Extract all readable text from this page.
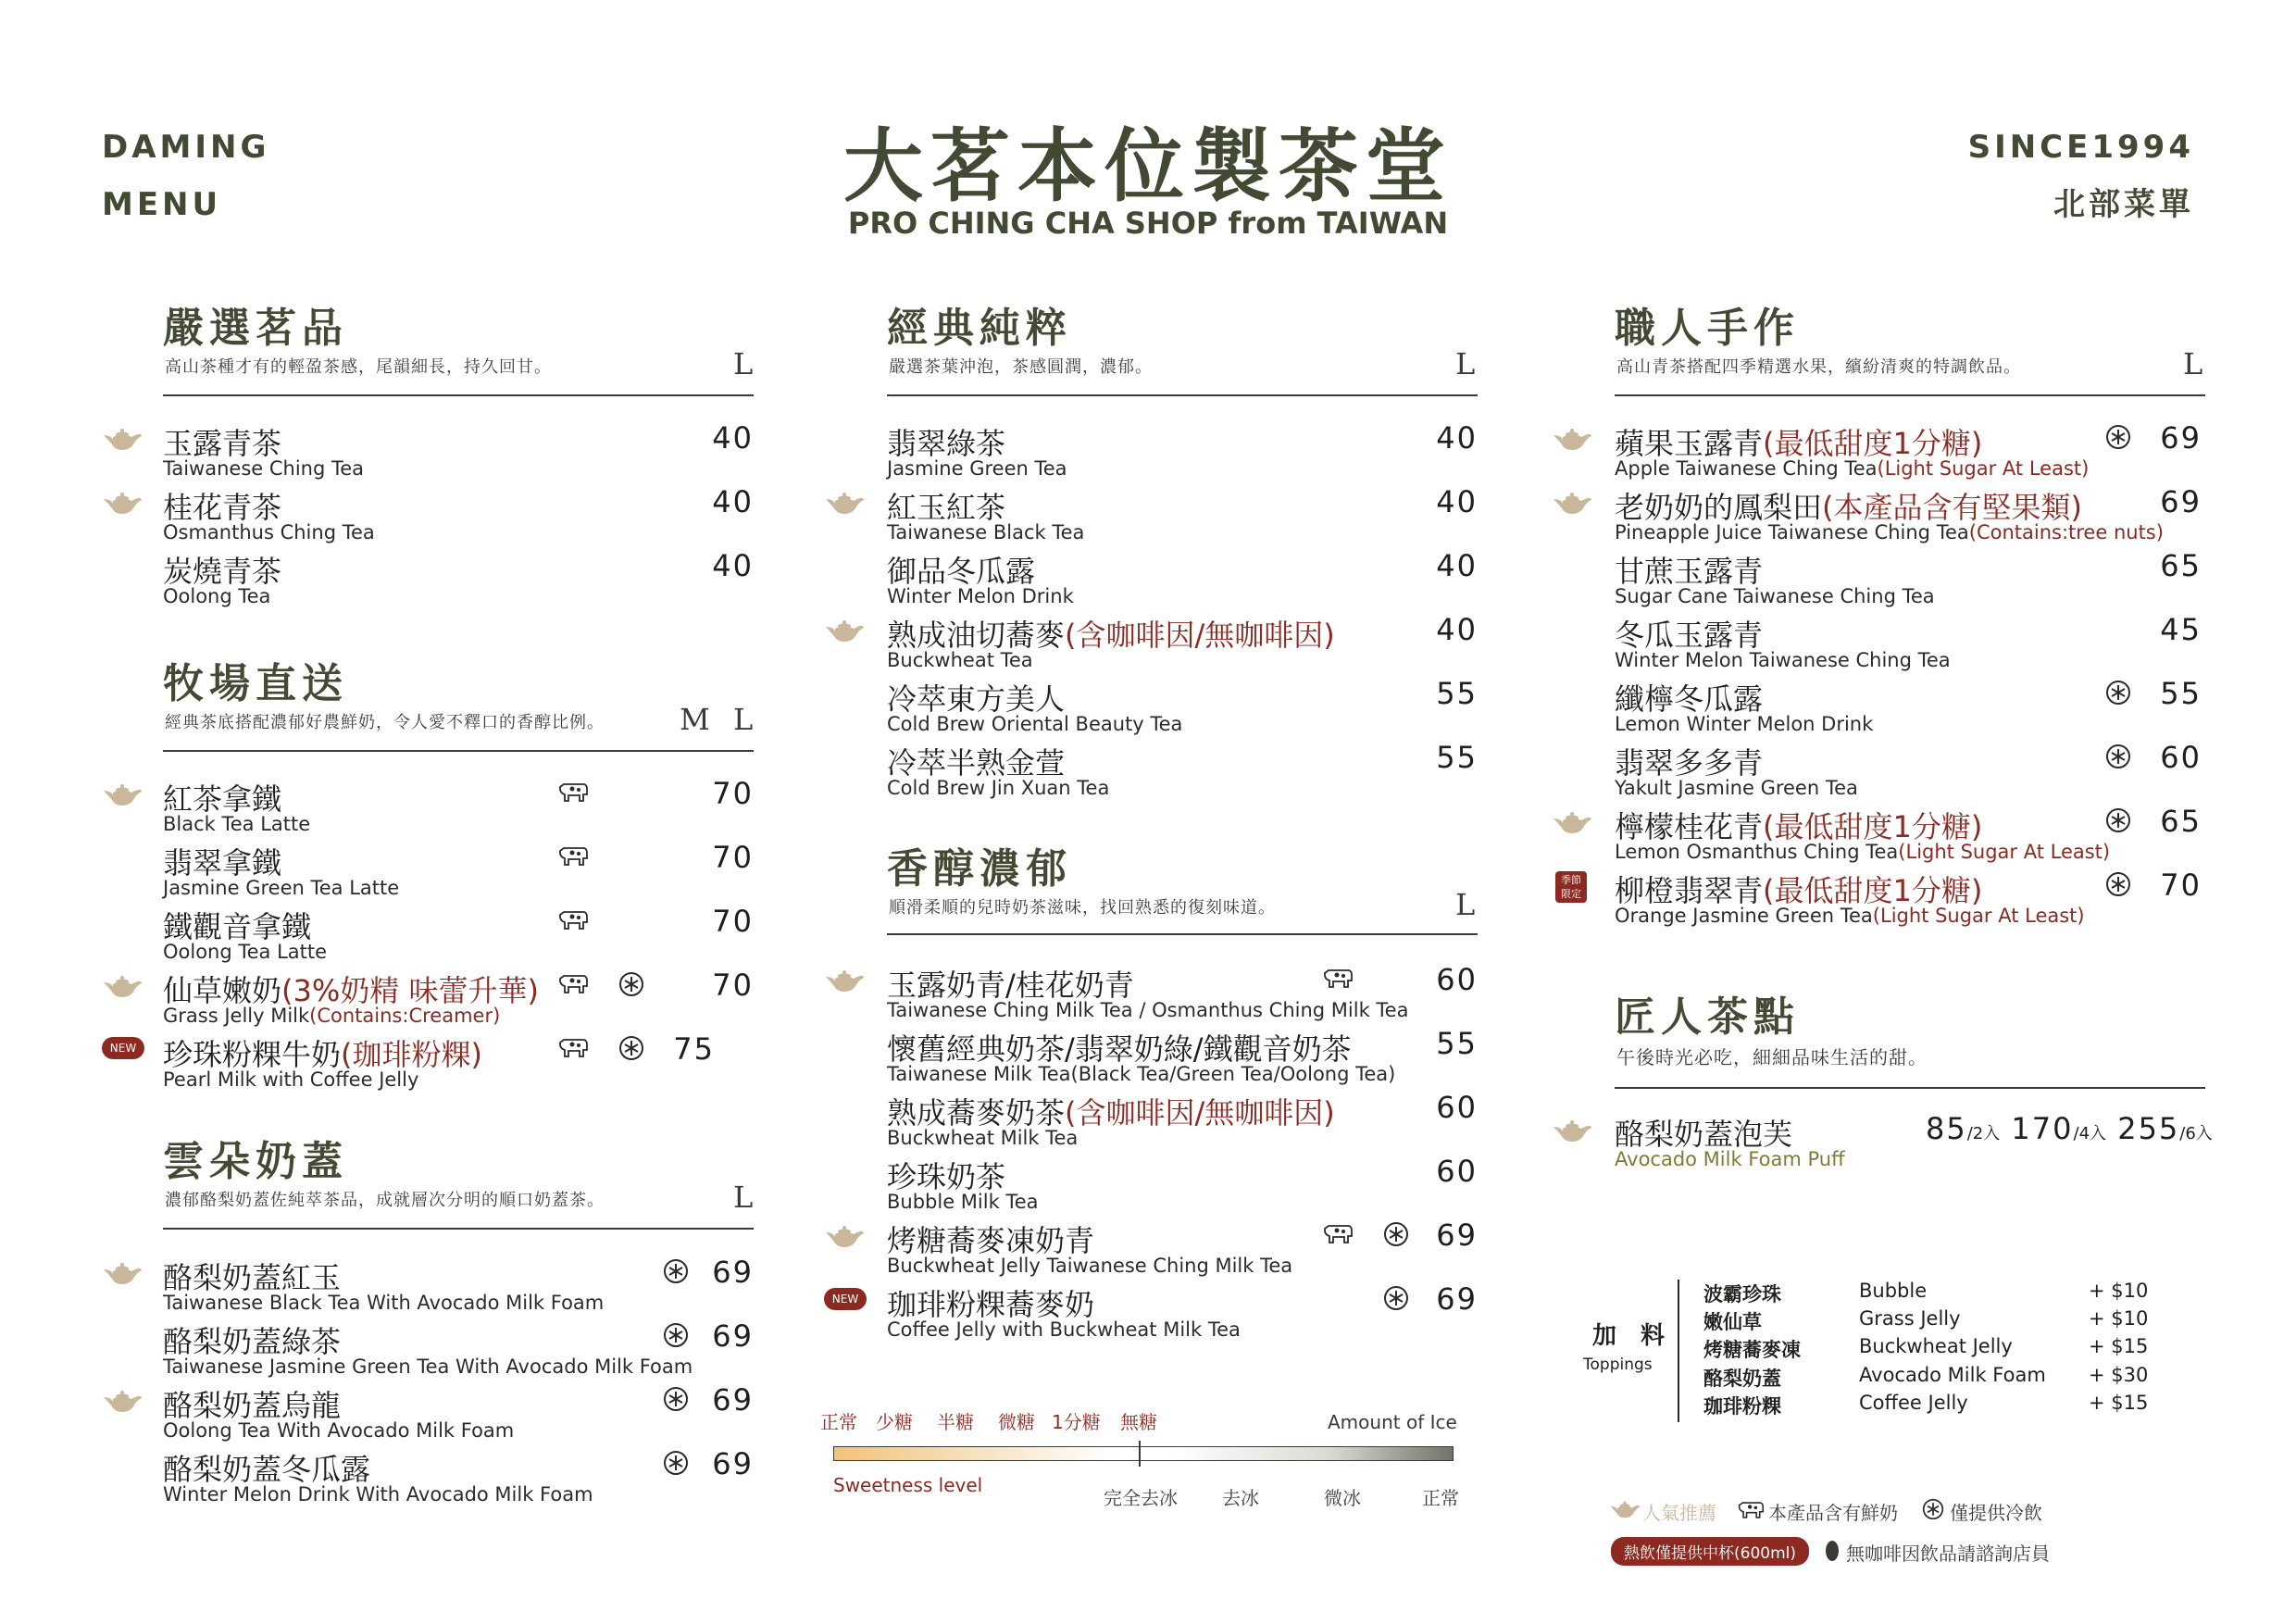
DAMING
MENU	大茗本位製茶堂
PRO CHING CHA SHOP from TAIWAN
SINCE1994
北部菜單
嚴選茗品
高山茶種才有的輕盈茶感，尾韻細長，持久回甘。	L
玉露青茶	40
Taiwanese Ching Tea
桂花青茶	40
Osmanthus Ching Tea
炭燒青茶	40
Oolong Tea
牧場直送
經典茶底搭配濃郁好農鮮奶，令人愛不釋口的香醇比例。	M L
紅茶拿鐵	70
Black Tea Latte
翡翠拿鐵	70
Jasmine Green Tea Latte
鐵觀音拿鐵	70
Oolong Tea Latte
仙草嫩奶(3%奶精 味蕾升華)	70
Grass Jelly Milk(Contains:Creamer)
NEW 珍珠粉粿牛奶(珈琲粉粿)	75
Pearl Milk with Coffee Jelly
雲朵奶蓋
濃郁酪梨奶蓋佐純萃茶品，成就層次分明的順口奶蓋茶。	L
酪梨奶蓋紅玉	69
Taiwanese Black Tea With Avocado Milk Foam
酪梨奶蓋綠茶	69
Taiwanese Jasmine Green Tea With Avocado Milk Foam
酪梨奶蓋烏龍	69
Oolong Tea With Avocado Milk Foam
酪梨奶蓋冬瓜露	69
Winter Melon Drink With Avocado Milk Foam
經典純粹
嚴選茶葉沖泡，茶感圓潤，濃郁。	L
翡翠綠茶	40
Jasmine Green Tea
紅玉紅茶	40
Taiwanese Black Tea
御品冬瓜露	40
Winter Melon Drink
熟成油切蕎麥(含咖啡因/無咖啡因)	40
Buckwheat Tea
冷萃東方美人	55
Cold Brew Oriental Beauty Tea
冷萃半熟金萱	55
Cold Brew Jin Xuan Tea
香醇濃郁
順滑柔順的兒時奶茶滋味，找回熟悉的復刻味道。	L
玉露奶青/桂花奶青	60
Taiwanese Ching Milk Tea / Osmanthus Ching Milk Tea
懷舊經典奶茶/翡翠奶綠/鐵觀音奶茶	55
Taiwanese Milk Tea(Black Tea/Green Tea/Oolong Tea)
熟成蕎麥奶茶(含咖啡因/無咖啡因)	60
Buckwheat Milk Tea
珍珠奶茶	60
Bubble Milk Tea
烤糖蕎麥凍奶青	69
Buckwheat Jelly Taiwanese Ching Milk Tea
NEW 珈琲粉粿蕎麥奶	69
Coffee Jelly with Buckwheat Milk Tea
正常 少糖 半糖 微糖 1分糖 無糖	Amount of Ice
Sweetness level
完全去冰 去冰	微冰	正常
職人手作
高山青茶搭配四季精選水果，繽紛清爽的特調飲品。	L
蘋果玉露青(最低甜度1分糖)	69
Apple Taiwanese Ching Tea(Light Sugar At Least)
老奶奶的鳳梨田(本產品含有堅果類)	69
Pineapple Juice Taiwanese Ching Tea(Contains:tree nuts)
甘蔗玉露青	65
Sugar Cane Taiwanese Ching Tea
冬瓜玉露青	45
Winter Melon Taiwanese Ching Tea
纖檸冬瓜露	55
Lemon Winter Melon Drink
翡翠多多青	60
Yakult Jasmine Green Tea
檸檬桂花青(最低甜度1分糖)	65
Lemon Osmanthus Ching Tea(Light Sugar At Least)
季節
限定 柳橙翡翠青(最低甜度1分糖)	70
Orange Jasmine Green Tea(Light Sugar At Least)
匠人茶點
午後時光必吃，細細品味生活的甜。
酪梨奶蓋泡芙
Avocado Milk Foam Puff
85/2入 170/4入 255/6入
加　料
Toppings
波霸珍珠	Bubble	+ $10
嫩仙草	Grass Jelly	+ $10
烤糖蕎麥凍	Buckwheat Jelly	+ $15
酪梨奶蓋	Avocado Milk Foam + $30
珈琲粉粿	Coffee Jelly	+ $15
人氣推薦	本產品含有鮮奶	僅提供冷飲
熱飲僅提供中杯(600ml)	無咖啡因飲品請諮詢店員
